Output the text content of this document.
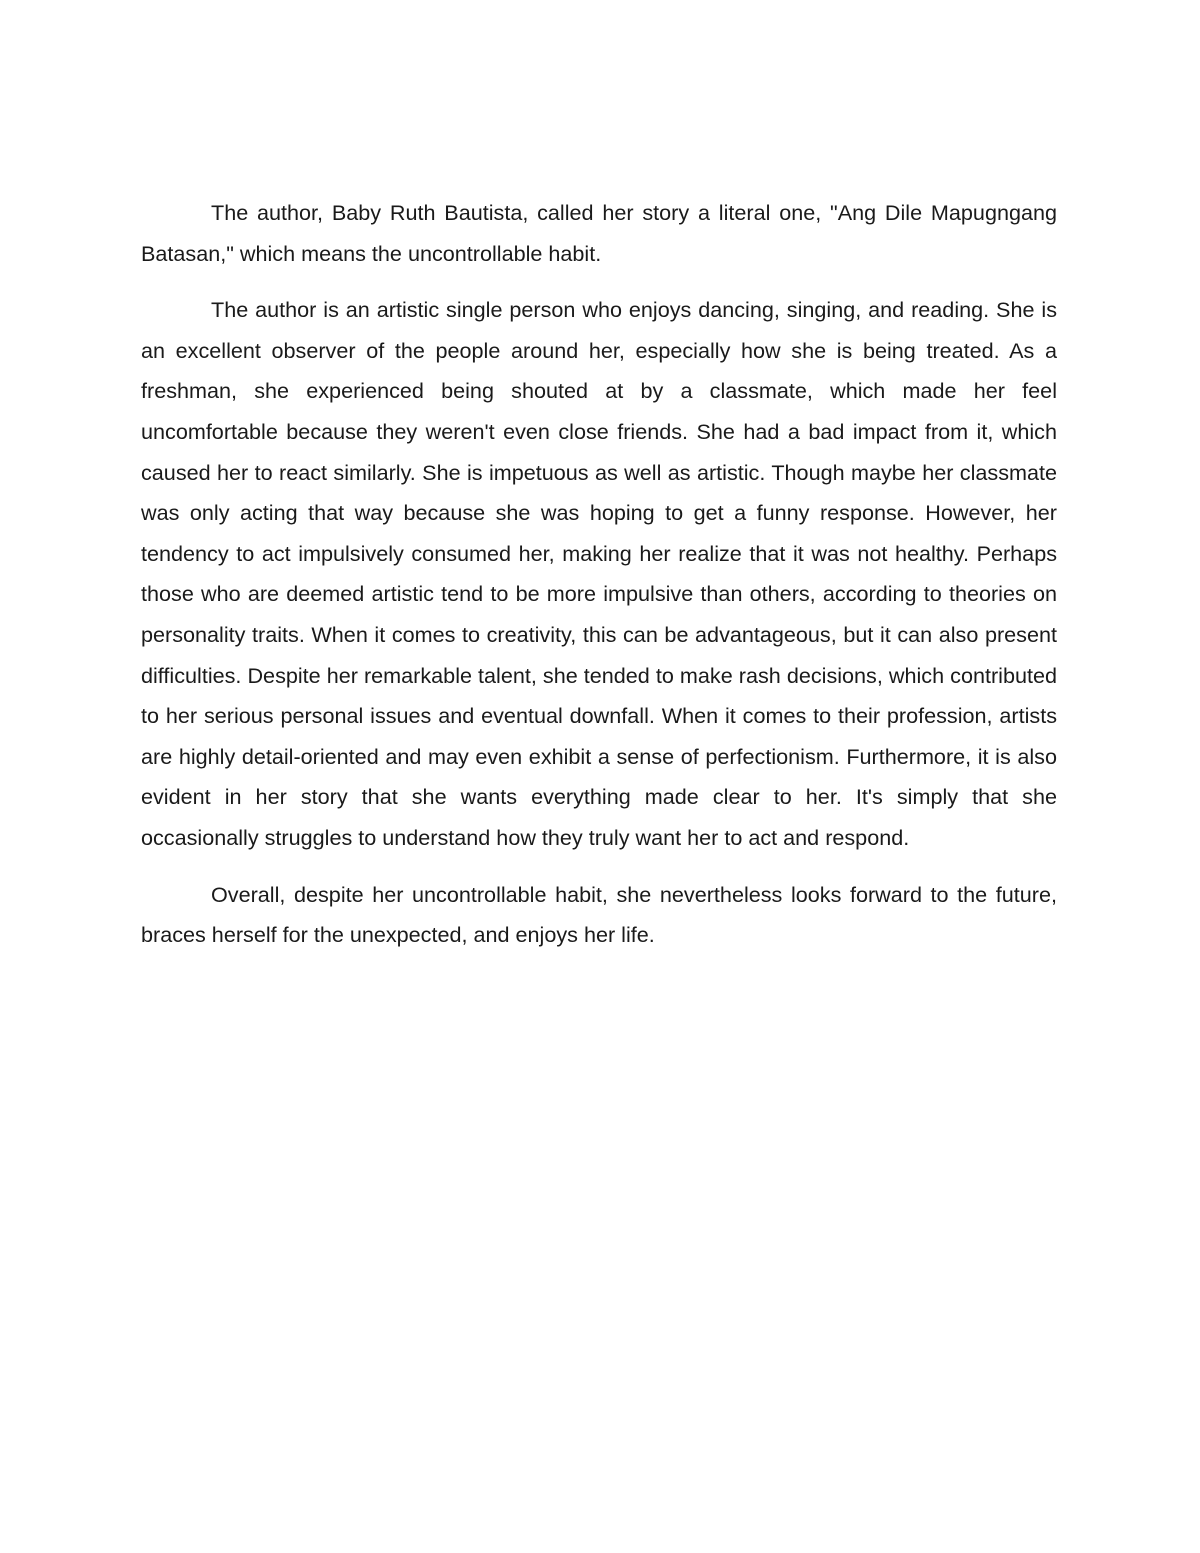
The author, Baby Ruth Bautista, called her story a literal one, "Ang Dile Mapugngang Batasan," which means the uncontrollable habit.

The author is an artistic single person who enjoys dancing, singing, and reading. She is an excellent observer of the people around her, especially how she is being treated. As a freshman, she experienced being shouted at by a classmate, which made her feel uncomfortable because they weren't even close friends. She had a bad impact from it, which caused her to react similarly. She is impetuous as well as artistic. Though maybe her classmate was only acting that way because she was hoping to get a funny response. However, her tendency to act impulsively consumed her, making her realize that it was not healthy. Perhaps those who are deemed artistic tend to be more impulsive than others, according to theories on personality traits. When it comes to creativity, this can be advantageous, but it can also present difficulties. Despite her remarkable talent, she tended to make rash decisions, which contributed to her serious personal issues and eventual downfall. When it comes to their profession, artists are highly detail-oriented and may even exhibit a sense of perfectionism. Furthermore, it is also evident in her story that she wants everything made clear to her. It's simply that she occasionally struggles to understand how they truly want her to act and respond.

Overall, despite her uncontrollable habit, she nevertheless looks forward to the future, braces herself for the unexpected, and enjoys her life.
